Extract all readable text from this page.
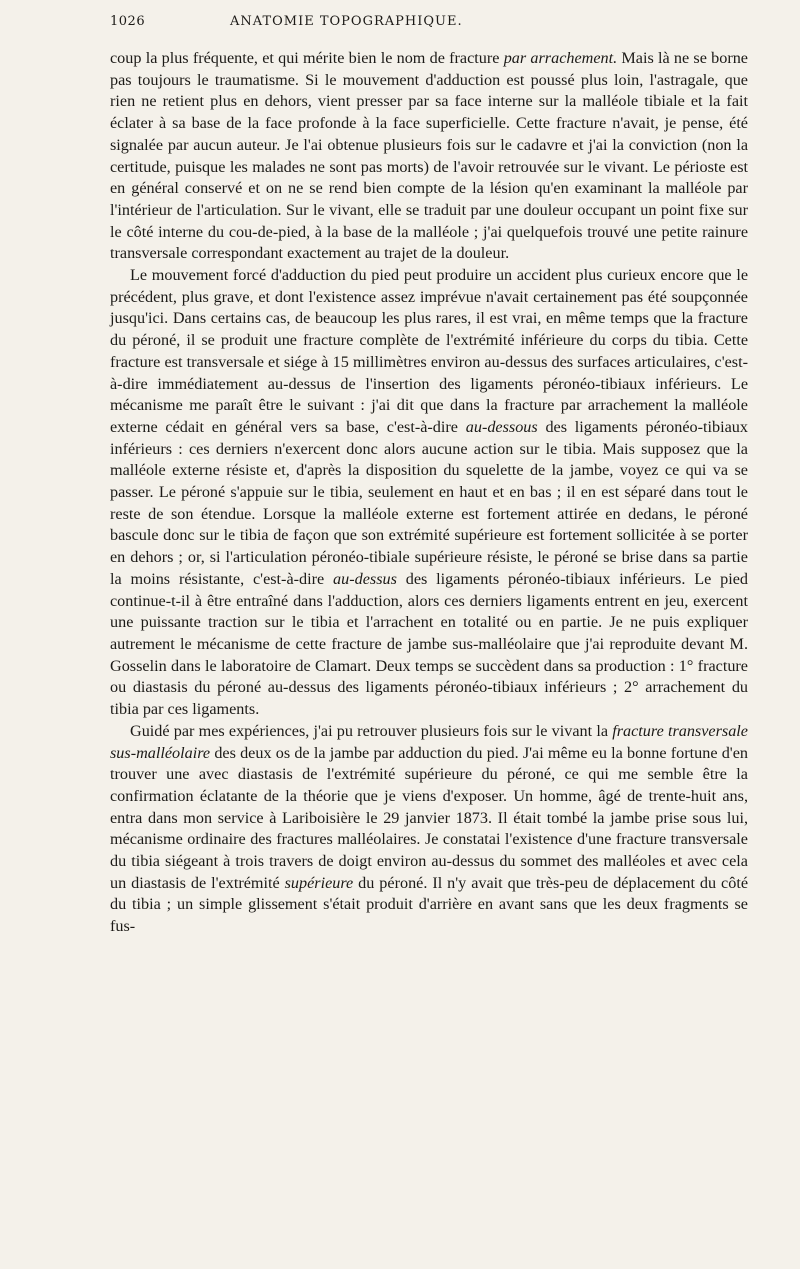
1026	ANATOMIE TOPOGRAPHIQUE.

coup la plus fréquente, et qui mérite bien le nom de fracture par arrachement. Mais là ne se borne pas toujours le traumatisme. Si le mouvement d'adduction est poussé plus loin, l'astragale, que rien ne retient plus en dehors, vient presser par sa face interne sur la malléole tibiale et la fait éclater à sa base de la face profonde à la face superficielle. Cette fracture n'avait, je pense, été signalée par aucun auteur. Je l'ai obtenue plusieurs fois sur le cadavre et j'ai la conviction (non la certitude, puisque les malades ne sont pas morts) de l'avoir retrouvée sur le vivant. Le périoste est en général conservé et on ne se rend bien compte de la lésion qu'en examinant la malléole par l'intérieur de l'articulation. Sur le vivant, elle se traduit par une douleur occupant un point fixe sur le côté interne du cou-de-pied, à la base de la malléole ; j'ai quelquefois trouvé une petite rainure transversale correspondant exactement au trajet de la douleur.

Le mouvement forcé d'adduction du pied peut produire un accident plus curieux encore que le précédent, plus grave, et dont l'existence assez imprévue n'avait certainement pas été soupçonnée jusqu'ici. Dans certains cas, de beaucoup les plus rares, il est vrai, en même temps que la fracture du péroné, il se produit une fracture complète de l'extrémité inférieure du corps du tibia. Cette fracture est transversale et siége à 15 millimètres environ au-dessus des surfaces articulaires, c'est-à-dire immédiatement au-dessus de l'insertion des ligaments péronéo-tibiaux inférieurs. Le mécanisme me paraît être le suivant : j'ai dit que dans la fracture par arrachement la malléole externe cédait en général vers sa base, c'est-à-dire au-dessous des ligaments péronéo-tibiaux inférieurs : ces derniers n'exercent donc alors aucune action sur le tibia. Mais supposez que la malléole externe résiste et, d'après la disposition du squelette de la jambe, voyez ce qui va se passer. Le péroné s'appuie sur le tibia, seulement en haut et en bas ; il en est séparé dans tout le reste de son étendue. Lorsque la malléole externe est fortement attirée en dedans, le péroné bascule donc sur le tibia de façon que son extrémité supérieure est fortement sollicitée à se porter en dehors ; or, si l'articulation péronéo-tibiale supérieure résiste, le péroné se brise dans sa partie la moins résistante, c'est-à-dire au-dessus des ligaments péronéo-tibiaux inférieurs. Le pied continue-t-il à être entraîné dans l'adduction, alors ces derniers ligaments entrent en jeu, exercent une puissante traction sur le tibia et l'arrachent en totalité ou en partie. Je ne puis expliquer autrement le mécanisme de cette fracture de jambe sus-malléolaire que j'ai reproduite devant M. Gosselin dans le laboratoire de Clamart. Deux temps se succèdent dans sa production : 1° fracture ou diastasis du péroné au-dessus des ligaments péronéo-tibiaux inférieurs ; 2° arrachement du tibia par ces ligaments.

Guidé par mes expériences, j'ai pu retrouver plusieurs fois sur le vivant la fracture transversale sus-malléolaire des deux os de la jambe par adduction du pied. J'ai même eu la bonne fortune d'en trouver une avec diastasis de l'extrémité supérieure du péroné, ce qui me semble être la confirmation éclatante de la théorie que je viens d'exposer. Un homme, âgé de trente-huit ans, entra dans mon service à Lariboisière le 29 janvier 1873. Il était tombé la jambe prise sous lui, mécanisme ordinaire des fractures malléolaires. Je constatai l'existence d'une fracture transversale du tibia siégeant à trois travers de doigt environ au-dessus du sommet des malléoles et avec cela un diastasis de l'extrémité supérieure du péroné. Il n'y avait que très-peu de déplacement du côté du tibia ; un simple glissement s'était produit d'arrière en avant sans que les deux fragments se fus-
